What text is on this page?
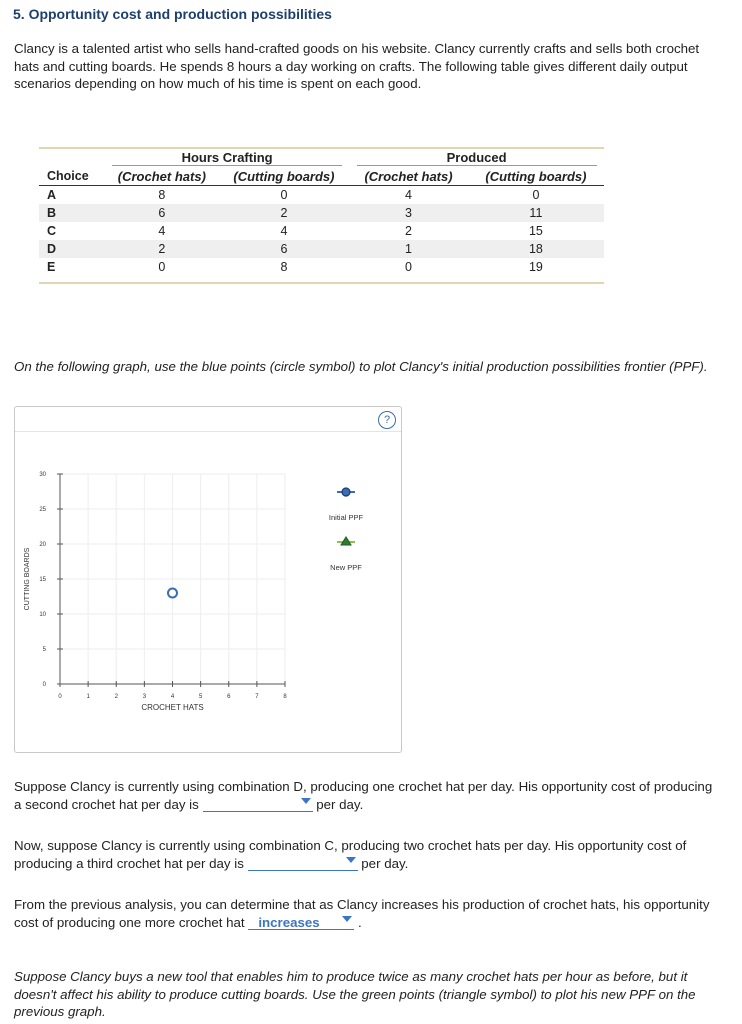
5. Opportunity cost and production possibilities
Clancy is a talented artist who sells hand-crafted goods on his website. Clancy currently crafts and sells both crochet hats and cutting boards. He spends 8 hours a day working on crafts. The following table gives different daily output scenarios depending on how much of his time is spent on each good.
	Hours Crafting		Produced	
Choice	(Crochet hats)	(Cutting boards)	(Crochet hats)	(Cutting boards)
A	8	0	4	0
B	6	2	3	11
C	4	4	2	15
D	2	6	1	18
E	0	8	0	19
On the following graph, use the blue points (circle symbol) to plot Clancy's initial production possibilities frontier (PPF).
?
0	1	2	3	4	5	6	7	8
0
5
10
15
20
25
30
CUTTING BOARDS
CROCHET HATS
Initial PPF
New PPF
Suppose Clancy is currently using combination D, producing one crochet hat per day. His opportunity cost of producing a second crochet hat per day is	per day.
Now, suppose Clancy is currently using combination C, producing two crochet hats per day. His opportunity cost of producing a third crochet hat per day is	per day.
From the previous analysis, you can determine that as Clancy increases his production of crochet hats, his opportunity cost of producing one more crochet hat increases	.
Suppose Clancy buys a new tool that enables him to produce twice as many crochet hats per hour as before, but it doesn't affect his ability to produce cutting boards. Use the green points (triangle symbol) to plot his new PPF on the previous graph.
